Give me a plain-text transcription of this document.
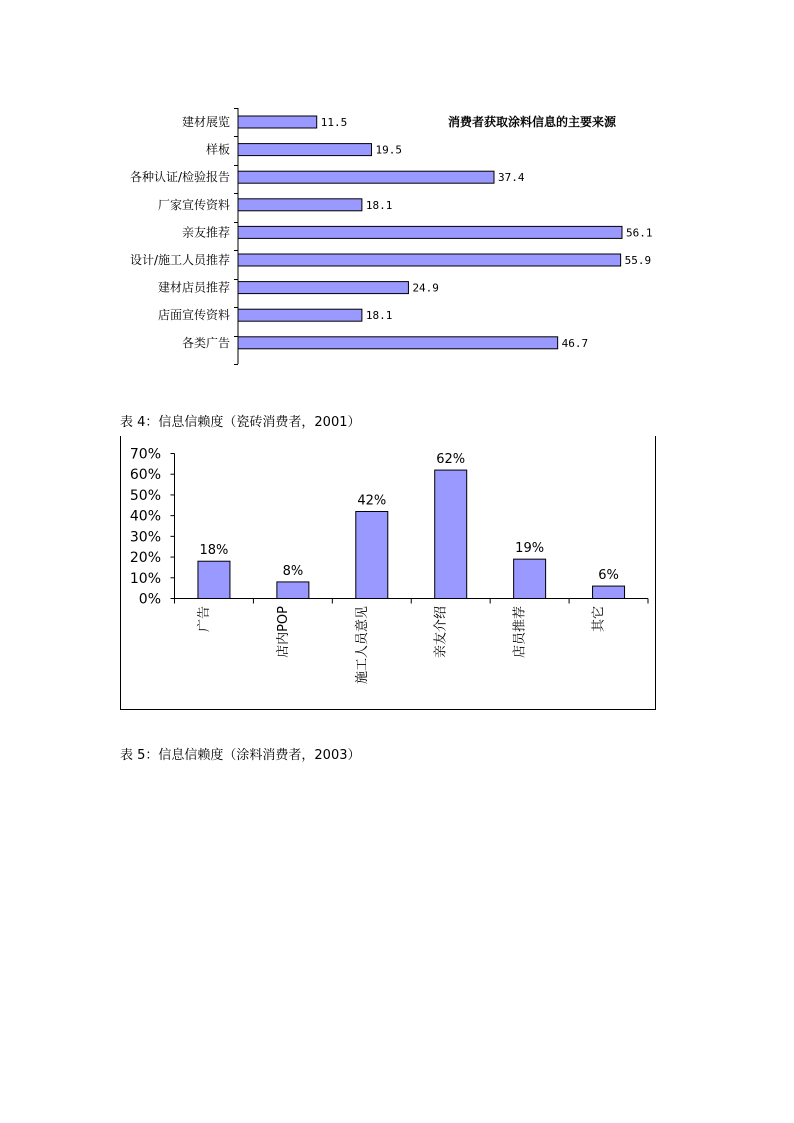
建材展览	11.5
样板	19.5
各种认证/检验报告	37.4
厂家宣传资料	18.1
亲友推荐	56.1
设计/施工人员推荐	55.9
建材店员推荐	24.9
店面宣传资料	18.1
各类广告	46.7
消费者获取涂料信息的主要来源
表 4：信息信赖度（瓷砖消费者，2001）
0%
10%
20%
30%
40%
50%
60%
70%
18%
广告
8%
店内POP
42%
施工人员意见
62%
亲友介绍
19%
店员推荐
6%
其它
表 5：信息信赖度（涂料消费者，2003）
